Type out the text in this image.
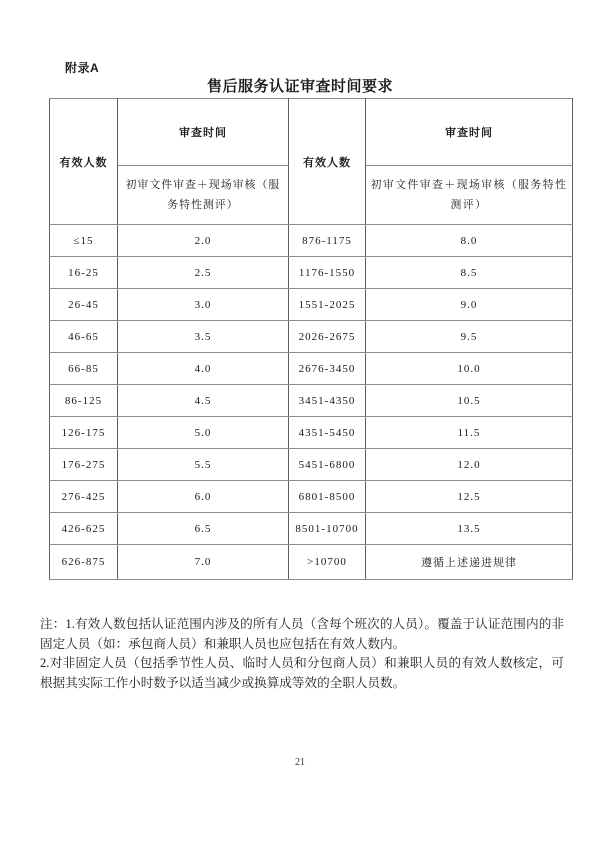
附录A
售后服务认证审查时间要求
有效人数	审查时间	有效人数	审查时间
	初审文件审查＋现场审核（服务特性测评）		初审文件审查＋现场审核（服务特性测评）
≤15	2.0	876-1175	8.0
16-25	2.5	1176-1550	8.5
26-45	3.0	1551-2025	9.0
46-65	3.5	2026-2675	9.5
66-85	4.0	2676-3450	10.0
86-125	4.5	3451-4350	10.5
126-175	5.0	4351-5450	11.5
176-275	5.5	5451-6800	12.0
276-425	6.0	6801-8500	12.5
426-625	6.5	8501-10700	13.5
626-875	7.0	>10700	遵循上述递进规律

注：1.有效人数包括认证范围内涉及的所有人员（含每个班次的人员）。覆盖于认证范围内的非固定人员（如：承包商人员）和兼职人员也应包括在有效人数内。

2.对非固定人员（包括季节性人员、临时人员和分包商人员）和兼职人员的有效人数核定，可根据其实际工作小时数予以适当减少或换算成等效的全职人员数。

21
